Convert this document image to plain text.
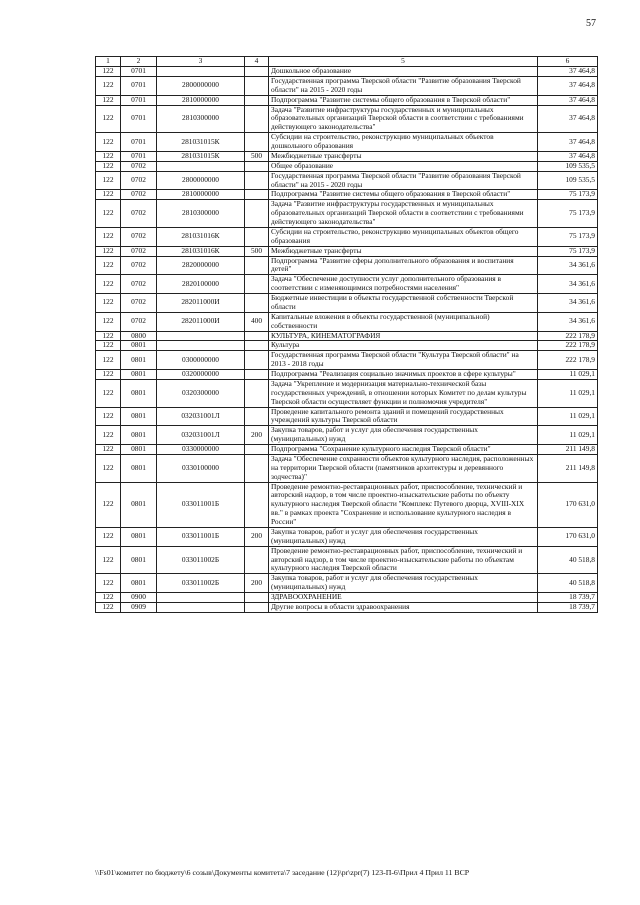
57
1	2	3	4	5	6
122	0701			Дошкольное образование	37 464,8
122	0701	2800000000		Государственная программа Тверской области "Развитие образования Тверской области" на 2015 - 2020 годы	37 464,8
122	0701	2810000000		Подпрограмма "Развитие системы общего образования в Тверской области"	37 464,8
122	0701	2810300000		Задача "Развитие инфраструктуры государственных и муниципальных образовательных организаций Тверской области в соответствии с требованиями действующего законодательства"	37 464,8
122	0701	281031015К		Субсидии на строительство, реконструкцию муниципальных объектов дошкольного образования	37 464,8
122	0701	281031015К	500	Межбюджетные трансферты	37 464,8
122	0702			Общее образование	109 535,5
122	0702	2800000000		Государственная программа Тверской области "Развитие образования Тверской области" на 2015 - 2020 годы	109 535,5
122	0702	2810000000		Подпрограмма "Развитие системы общего образования в Тверской области"	75 173,9
122	0702	2810300000		Задача "Развитие инфраструктуры государственных и муниципальных образовательных организаций Тверской области в соответствии с требованиями действующего законодательства"	75 173,9
122	0702	281031016К		Субсидии на строительство, реконструкцию муниципальных объектов общего образования	75 173,9
122	0702	281031016К	500	Межбюджетные трансферты	75 173,9
122	0702	2820000000		Подпрограмма "Развитие сферы дополнительного образования и воспитания детей"	34 361,6
122	0702	2820100000		Задача "Обеспечение доступности услуг дополнительного образования в соответствии с изменяющимися потребностями населения"	34 361,6
122	0702	282011000И		Бюджетные инвестиции в объекты государственной собственности Тверской области	34 361,6
122	0702	282011000И	400	Капитальные вложения в объекты государственной (муниципальной) собственности	34 361,6
122	0800			КУЛЬТУРА, КИНЕМАТОГРАФИЯ	222 178,9
122	0801			Культура	222 178,9
122	0801	0300000000		Государственная программа Тверской области "Культура Тверской области" на 2013 - 2018 годы	222 178,9
122	0801	0320000000		Подпрограмма "Реализация социально значимых проектов в сфере культуры"	11 029,1
122	0801	0320300000		Задача "Укрепление и модернизация материально-технической базы государственных учреждений, в отношении которых Комитет по делам культуры Тверской области осуществляет функции и полномочия учредителя"	11 029,1
122	0801	032031001Л		Проведение капитального ремонта зданий и помещений государственных учреждений культуры Тверской области	11 029,1
122	0801	032031001Л	200	Закупка товаров, работ и услуг для обеспечения государственных (муниципальных) нужд	11 029,1
122	0801	0330000000		Подпрограмма "Сохранение культурного наследия Тверской области"	211 149,8
122	0801	0330100000		Задача "Обеспечение сохранности объектов культурного наследия, расположенных на территории Тверской области (памятников архитектуры и деревянного зодчества)"	211 149,8
122	0801	033011001Б		Проведение ремонтно-реставрационных работ, приспособление, технический и авторский надзор, в том числе проектно-изыскательские работы по объекту культурного наследия Тверской области "Комплекс Путевого дворца, XVIII-XIX вв." в рамках проекта "Сохранение и использование культурного наследия в России"	170 631,0
122	0801	033011001Б	200	Закупка товаров, работ и услуг для обеспечения государственных (муниципальных) нужд	170 631,0
122	0801	033011002Б		Проведение ремонтно-реставрационных работ, приспособление, технический и авторский надзор, в том числе проектно-изыскательские работы по объектам культурного наследия Тверской области	40 518,8
122	0801	033011002Б	200	Закупка товаров, работ и услуг для обеспечения государственных (муниципальных) нужд	40 518,8
122	0900			ЗДРАВООХРАНЕНИЕ	18 739,7
122	0909			Другие вопросы в области здравоохранения	18 739,7
\\Fs01\комитет по бюджету\6 созыв\Документы комитета\7 заседание (12)\pr\zpr(7) 123-П-6\Прил 4 Прил 11 ВСР
